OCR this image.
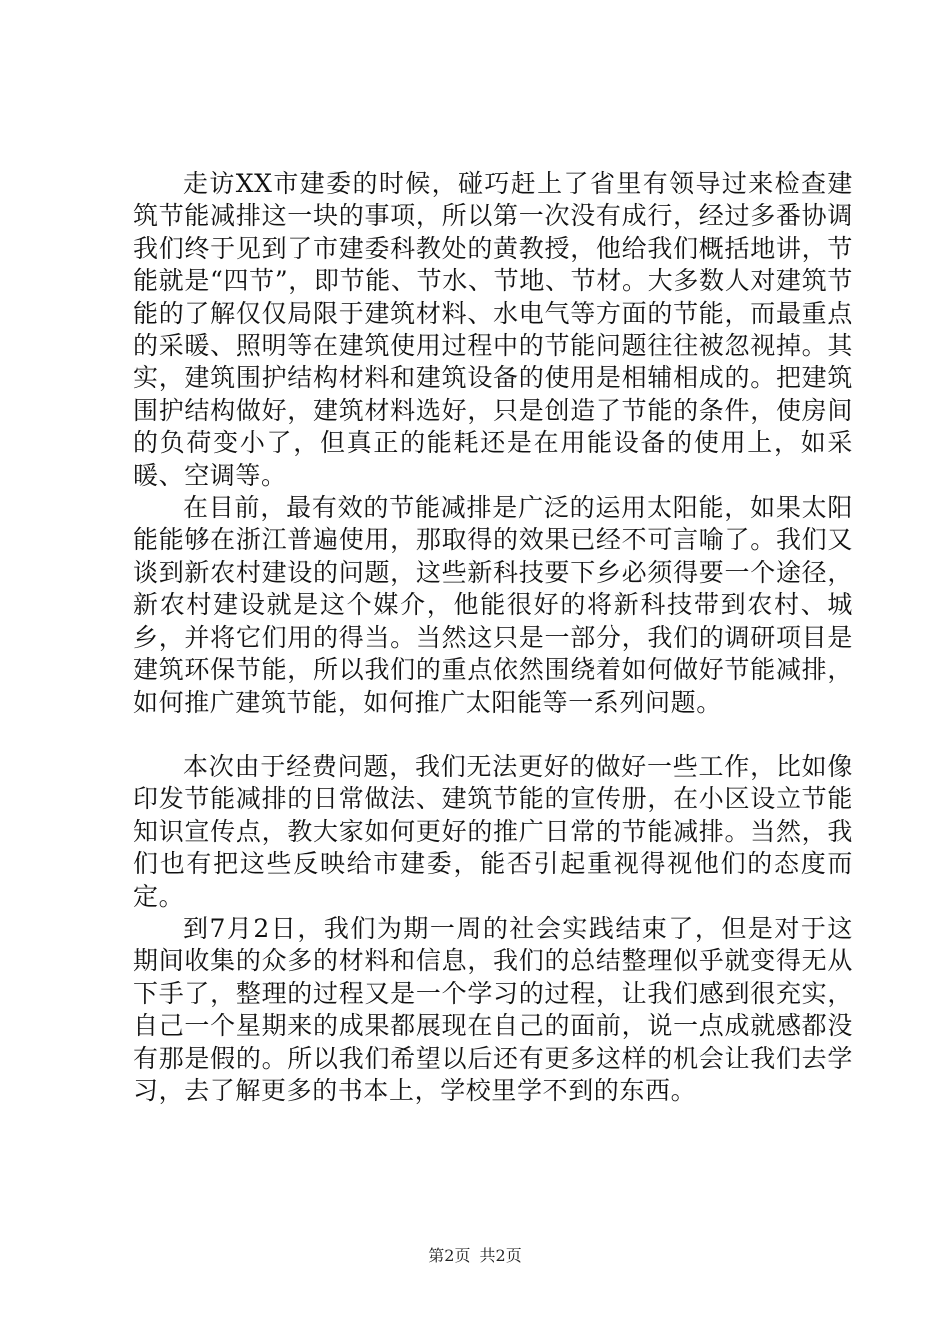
走访XX市建委的时候，碰巧赶上了省里有领导过来检查建筑节能减排这一块的事项，所以第一次没有成行，经过多番协调我们终于见到了市建委科教处的黄教授，他给我们概括地讲，节能就是“四节”，即节能、节水、节地、节材。大多数人对建筑节能的了解仅仅局限于建筑材料、水电气等方面的节能，而最重点的采暖、照明等在建筑使用过程中的节能问题往往被忽视掉。其实，建筑围护结构材料和建筑设备的使用是相辅相成的。把建筑围护结构做好，建筑材料选好，只是创造了节能的条件，使房间的负荷变小了，但真正的能耗还是在用能设备的使用上，如采暖、空调等。

在目前，最有效的节能减排是广泛的运用太阳能，如果太阳能能够在浙江普遍使用，那取得的效果已经不可言喻了。我们又谈到新农村建设的问题，这些新科技要下乡必须得要一个途径，新农村建设就是这个媒介，他能很好的将新科技带到农村、城乡，并将它们用的得当。当然这只是一部分，我们的调研项目是建筑环保节能，所以我们的重点依然围绕着如何做好节能减排，如何推广建筑节能，如何推广太阳能等一系列问题。

本次由于经费问题，我们无法更好的做好一些工作，比如像印发节能减排的日常做法、建筑节能的宣传册，在小区设立节能知识宣传点，教大家如何更好的推广日常的节能减排。当然，我们也有把这些反映给市建委，能否引起重视得视他们的态度而定。

到7月2日，我们为期一周的社会实践结束了，但是对于这期间收集的众多的材料和信息，我们的总结整理似乎就变得无从下手了，整理的过程又是一个学习的过程，让我们感到很充实，自己一个星期来的成果都展现在自己的面前，说一点成就感都没有那是假的。所以我们希望以后还有更多这样的机会让我们去学习，去了解更多的书本上，学校里学不到的东西。

第2页 共2页
